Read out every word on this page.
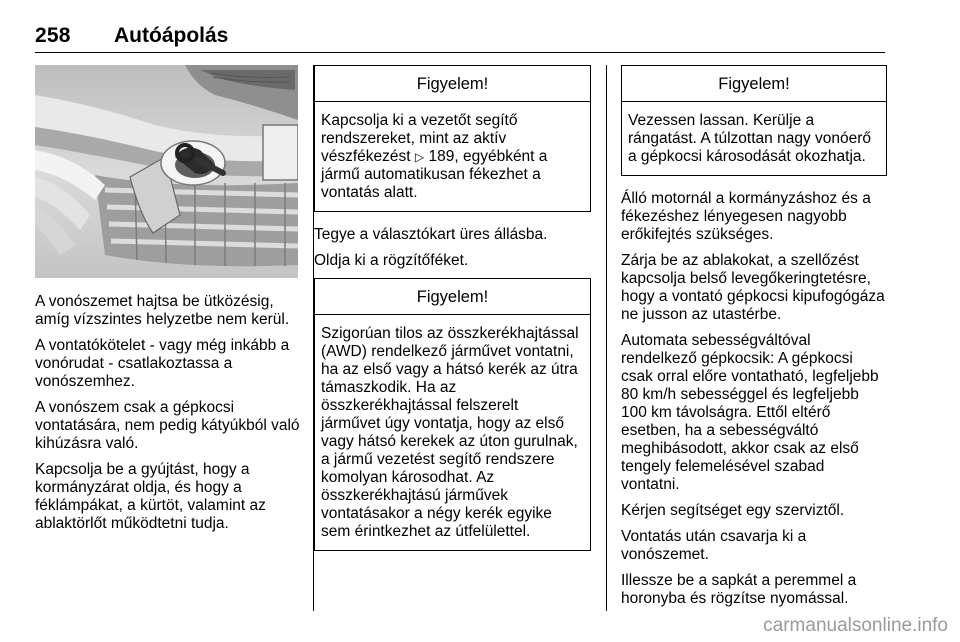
258 Autóápolás

A vonószemet hajtsa be ütközésig, amíg vízszintes helyzetbe nem kerül.

A vontatókötelet - vagy még inkább a vonórudat - csatlakoztassa a vonószemhez.

A vonószem csak a gépkocsi vontatására, nem pedig kátyúkból való kihúzásra való.

Kapcsolja be a gyújtást, hogy a kormányzárat oldja, és hogy a féklámpákat, a kürtöt, valamint az ablaktörlőt működtetni tudja.

Figyelem!
Kapcsolja ki a vezetőt segítő rendszereket, mint az aktív vészfékezést ▷ 189, egyébként a jármű automatikusan fékezhet a vontatás alatt.

Tegye a választókart üres állásba.

Oldja ki a rögzítőféket.

Figyelem!
Szigorúan tilos az összkerékhajtással (AWD) rendelkező járművet vontatni, ha az első vagy a hátsó kerék az útra támaszkodik. Ha az összkerékhajtással felszerelt járművet úgy vontatja, hogy az első vagy hátsó kerekek az úton gurulnak, a jármű vezetést segítő rendszere komolyan károsodhat. Az összkerékhajtású járművek vontatásakor a négy kerék egyike sem érintkezhet az útfelülettel.
Figyelem!
Vezessen lassan. Kerülje a rángatást. A túlzottan nagy vonóerő a gépkocsi károsodását okozhatja.

Álló motornál a kormányzáshoz és a fékezéshez lényegesen nagyobb erőkifejtés szükséges.

Zárja be az ablakokat, a szellőzést kapcsolja belső levegőkeringtetésre, hogy a vontató gépkocsi kipufogógáza ne jusson az utastérbe.

Automata sebességváltóval rendelkező gépkocsik: A gépkocsi csak orral előre vontatható, legfeljebb 80 km/h sebességgel és legfeljebb 100 km távolságra. Ettől eltérő esetben, ha a sebességváltó meghibásodott, akkor csak az első tengely felemelésével szabad vontatni.

Kérjen segítséget egy szerviztől.

Vontatás után csavarja ki a vonószemet.

Illessze be a sapkát a peremmel a horonyba és rögzítse nyomással.

carmanualsonline.info
